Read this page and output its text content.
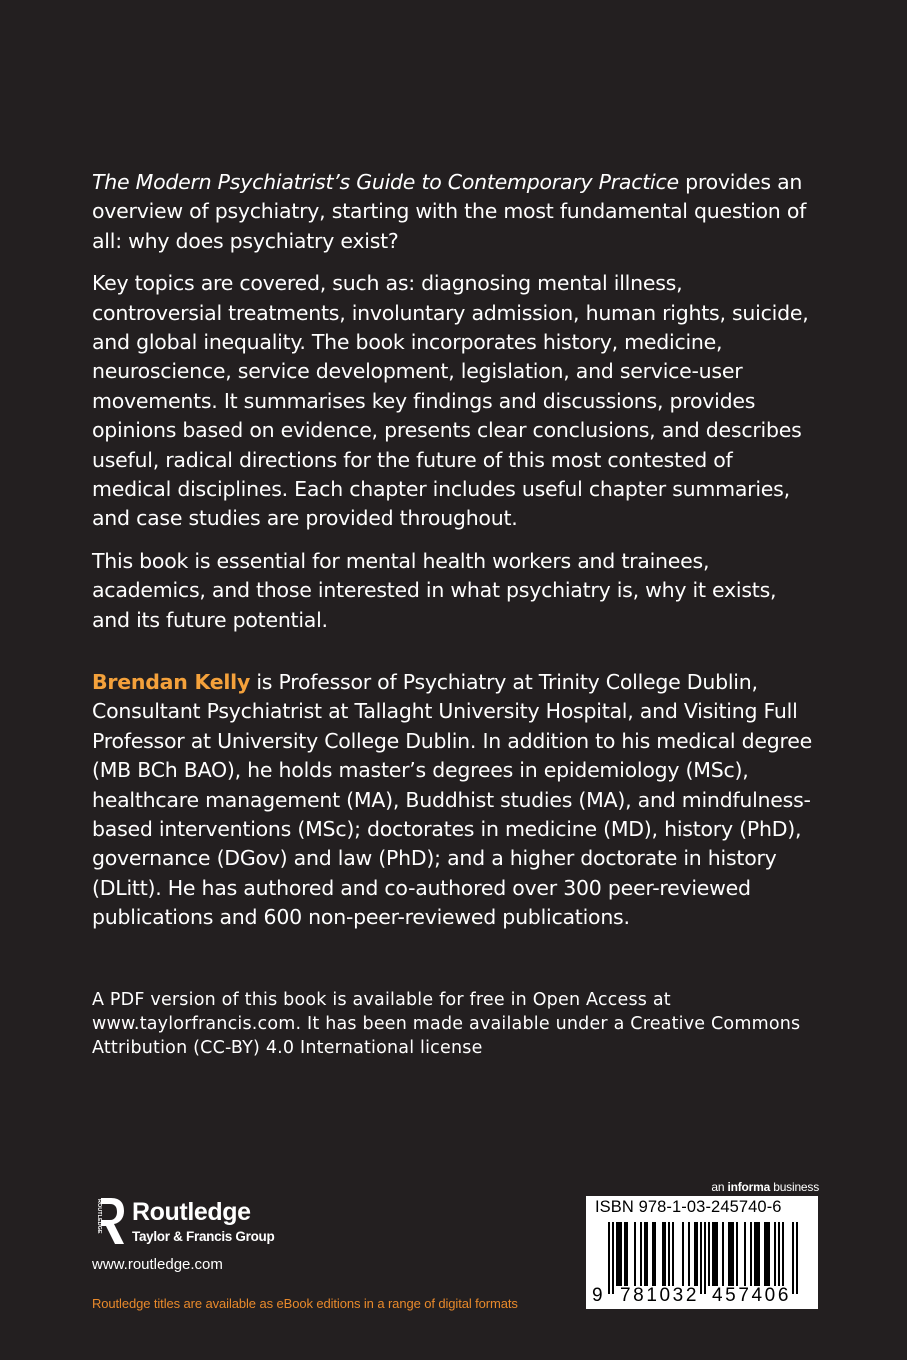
The Modern Psychiatrist’s Guide to Contemporary Practice provides an overview of psychiatry, starting with the most fundamental question of all: why does psychiatry exist?

Key topics are covered, such as: diagnosing mental illness, controversial treatments, involuntary admission, human rights, suicide, and global inequality. The book incorporates history, medicine, neuroscience, service development, legislation, and service-user movements. It summarises key findings and discussions, provides opinions based on evidence, presents clear conclusions, and describes useful, radical directions for the future of this most contested of medical disciplines. Each chapter includes useful chapter summaries, and case studies are provided throughout.

This book is essential for mental health workers and trainees, academics, and those interested in what psychiatry is, why it exists, and its future potential.

Brendan Kelly is Professor of Psychiatry at Trinity College Dublin, Consultant Psychiatrist at Tallaght University Hospital, and Visiting Full Professor at University College Dublin. In addition to his medical degree (MB BCh BAO), he holds master’s degrees in epidemiology (MSc), healthcare management (MA), Buddhist studies (MA), and mindfulness-based interventions (MSc); doctorates in medicine (MD), history (PhD), governance (DGov) and law (PhD); and a higher doctorate in history (DLitt). He has authored and co-authored over 300 peer-reviewed publications and 600 non-peer-reviewed publications.

A PDF version of this book is available for free in Open Access at

www.taylorfrancis.com. It has been made available under a Creative Commons

Attribution (CC-BY) 4.0 International license

ROUTLEDGE Routledge
Taylor & Francis Group
www.routledge.com
Routledge titles are available as eBook editions in a range of digital formats
an informa business
ISBN 978-1-03-245740-6
9 781032 457406
